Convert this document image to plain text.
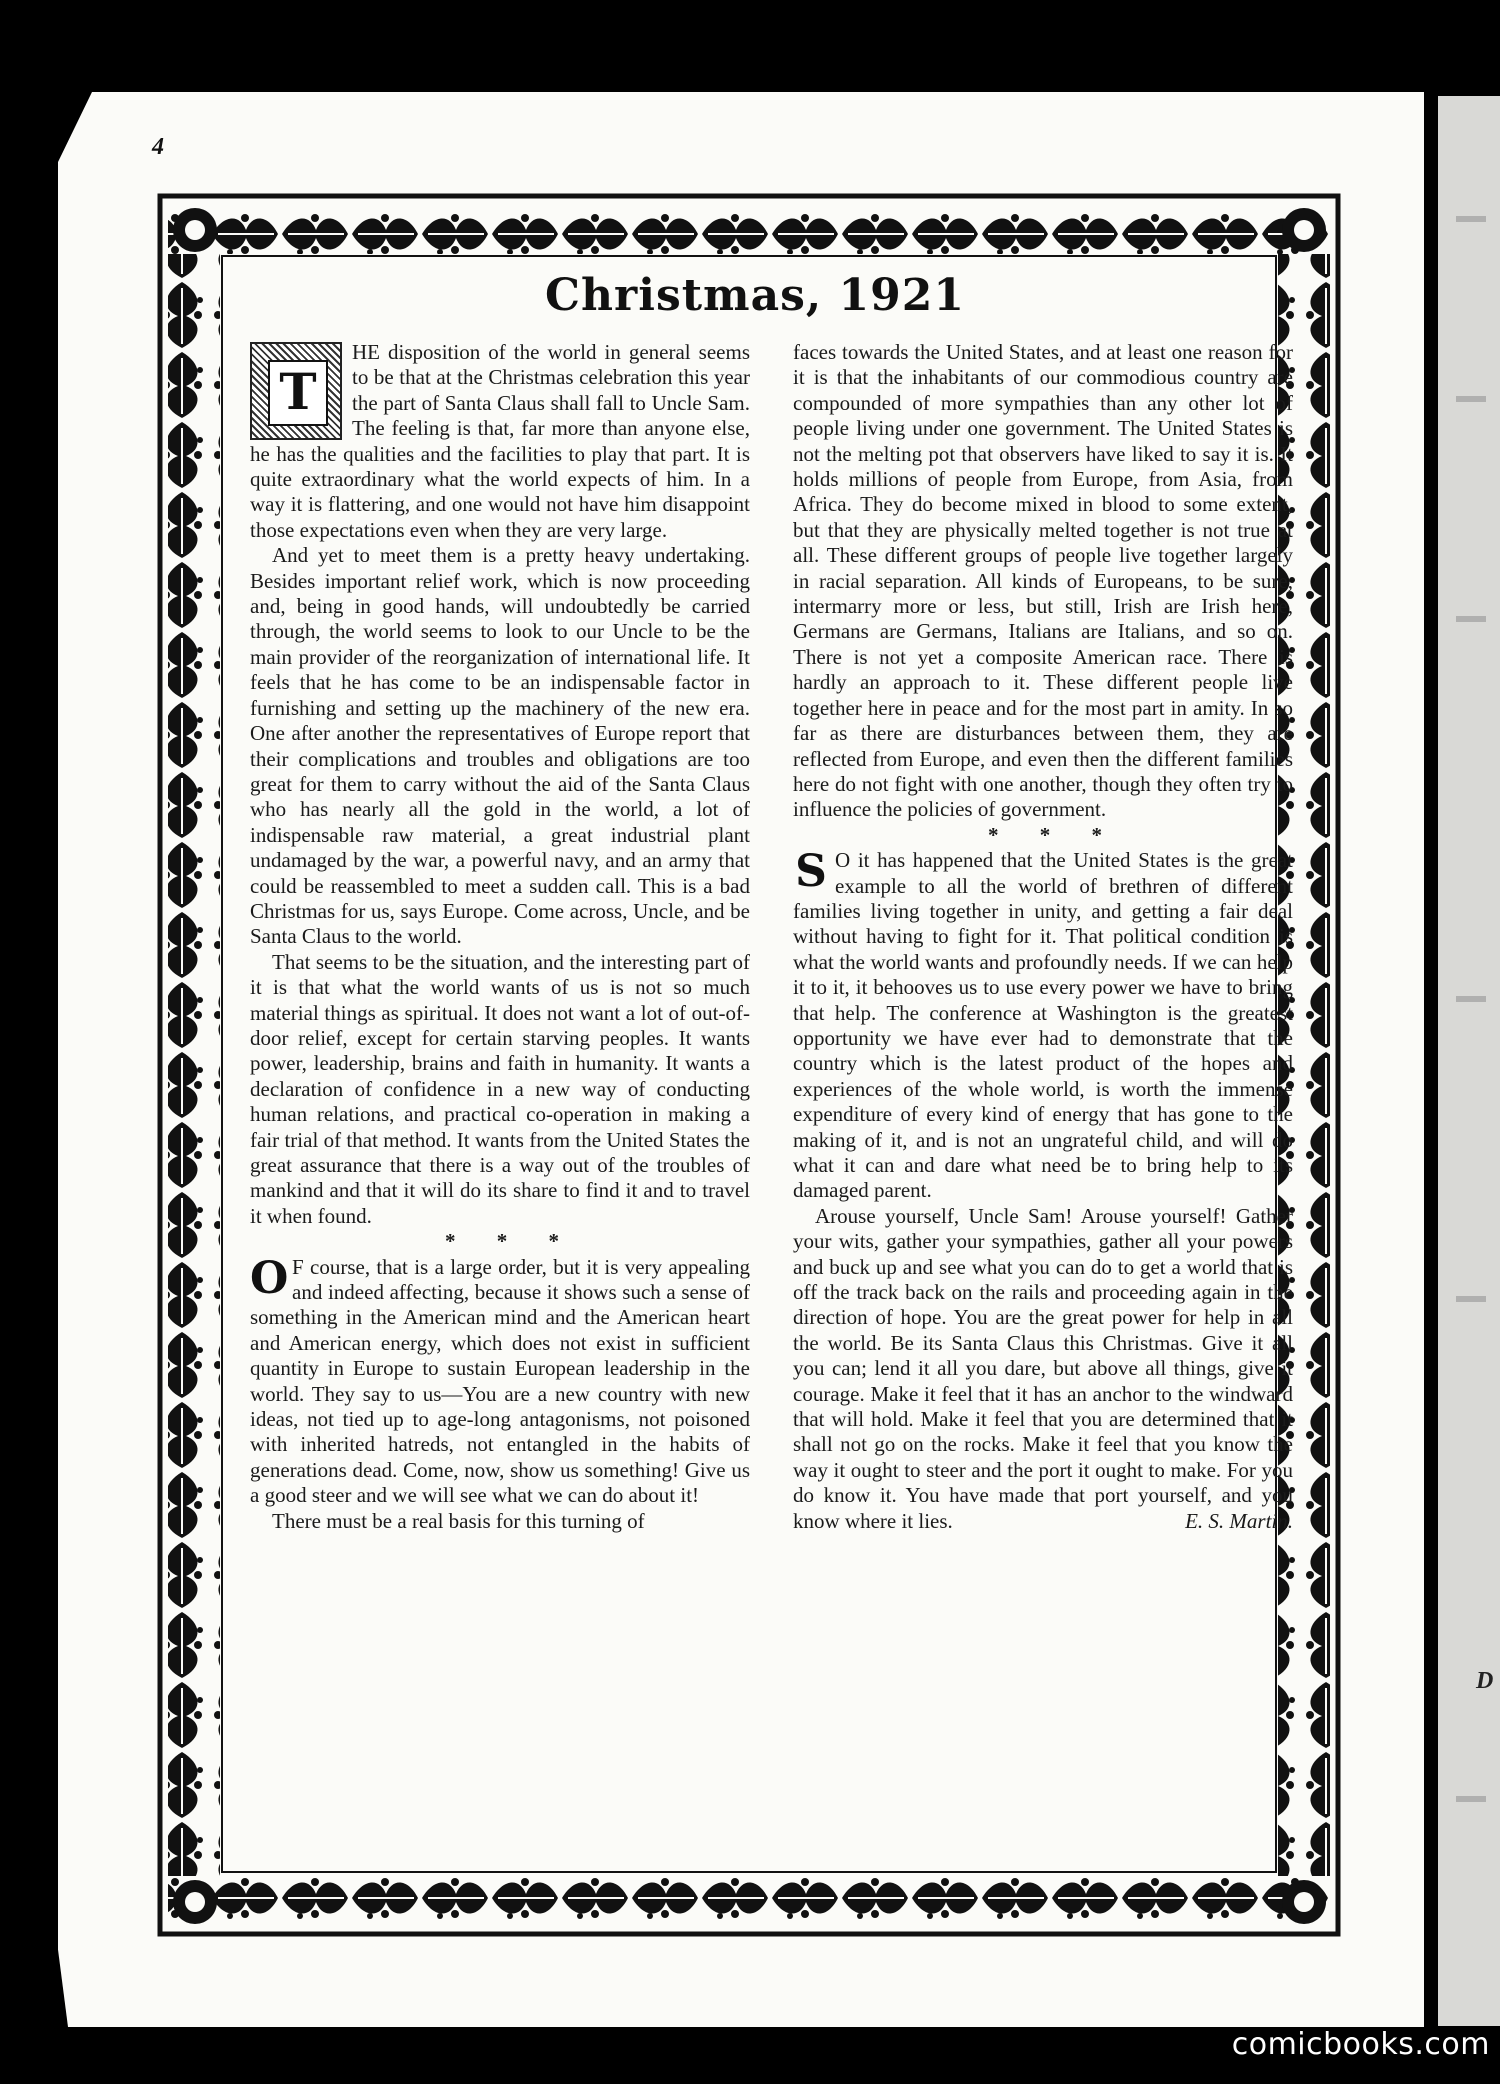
D
4
Christmas, 1921
T

HE disposition of the world in general seems to be that at the Christmas celebration this year the part of Santa Claus shall fall to Uncle Sam. The feeling is that, far more than anyone else, he has the qualities and the facilities to play that part. It is quite extraordinary what the world expects of him. In a way it is flattering, and one would not have him disappoint those expectations even when they are very large.

And yet to meet them is a pretty heavy undertaking. Besides important relief work, which is now proceeding and, being in good hands, will undoubtedly be carried through, the world seems to look to our Uncle to be the main provider of the reorganization of international life. It feels that he has come to be an indispensable factor in furnishing and setting up the machinery of the new era. One after another the representatives of Europe report that their complications and troubles and obligations are too great for them to carry without the aid of the Santa Claus who has nearly all the gold in the world, a lot of indispensable raw material, a great industrial plant undamaged by the war, a powerful navy, and an army that could be reassembled to meet a sudden call. This is a bad Christmas for us, says Europe. Come across, Uncle, and be Santa Claus to the world.

That seems to be the situation, and the interesting part of it is that what the world wants of us is not so much material things as spiritual. It does not want a lot of out-of-door relief, except for certain starving peoples. It wants power, leadership, brains and faith in humanity. It wants a declaration of confidence in a new way of conducting human relations, and practical co-operation in making a fair trial of that method. It wants from the United States the great assurance that there is a way out of the troubles of mankind and that it will do its share to find it and to travel it when found.

* * *

O F course, that is a large order, but it is very appealing and indeed affecting, because it shows such a sense of something in the American mind and the American heart and American energy, which does not exist in sufficient quantity in Europe to sustain European leadership in the world. They say to us—You are a new country with new ideas, not tied up to age-long antagonisms, not poisoned with inherited hatreds, not entangled in the habits of generations dead. Come, now, show us something! Give us a good steer and we will see what we can do about it!

There must be a real basis for this turning of

faces towards the United States, and at least one reason for it is that the inhabitants of our commodious country are compounded of more sympathies than any other lot of people living under one government. The United States is not the melting pot that observers have liked to say it is. It holds millions of people from Europe, from Asia, from Africa. They do become mixed in blood to some extent, but that they are physically melted together is not true at all. These different groups of people live together largely in racial separation. All kinds of Europeans, to be sure, intermarry more or less, but still, Irish are Irish here, Germans are Germans, Italians are Italians, and so on. There is not yet a composite American race. There is hardly an approach to it. These different people live together here in peace and for the most part in amity. In so far as there are disturbances between them, they are reflected from Europe, and even then the different families here do not fight with one another, though they often try to influence the policies of government.

* * *

S O it has happened that the United States is the great example to all the world of brethren of different families living together in unity, and getting a fair deal without having to fight for it. That political condition is what the world wants and profoundly needs. If we can help it to it, it behooves us to use every power we have to bring that help. The conference at Washington is the greatest opportunity we have ever had to demonstrate that the country which is the latest product of the hopes and experiences of the whole world, is worth the immense expenditure of every kind of energy that has gone to the making of it, and is not an ungrateful child, and will do what it can and dare what need be to bring help to its damaged parent.

Arouse yourself, Uncle Sam! Arouse yourself! Gather your wits, gather your sympathies, gather all your powers and buck up and see what you can do to get a world that is off the track back on the rails and proceeding again in the direction of hope. You are the great power for help in all the world. Be its Santa Claus this Christmas. Give it all you can; lend it all you dare, but above all things, give it courage. Make it feel that it has an anchor to the windward that will hold. Make it feel that you are determined that it shall not go on the rocks. Make it feel that you know the way it ought to steer and the port it ought to make. For you do know it. You have made that port yourself, and you know where it lies.	E. S. Martin.

comicbooks.com
